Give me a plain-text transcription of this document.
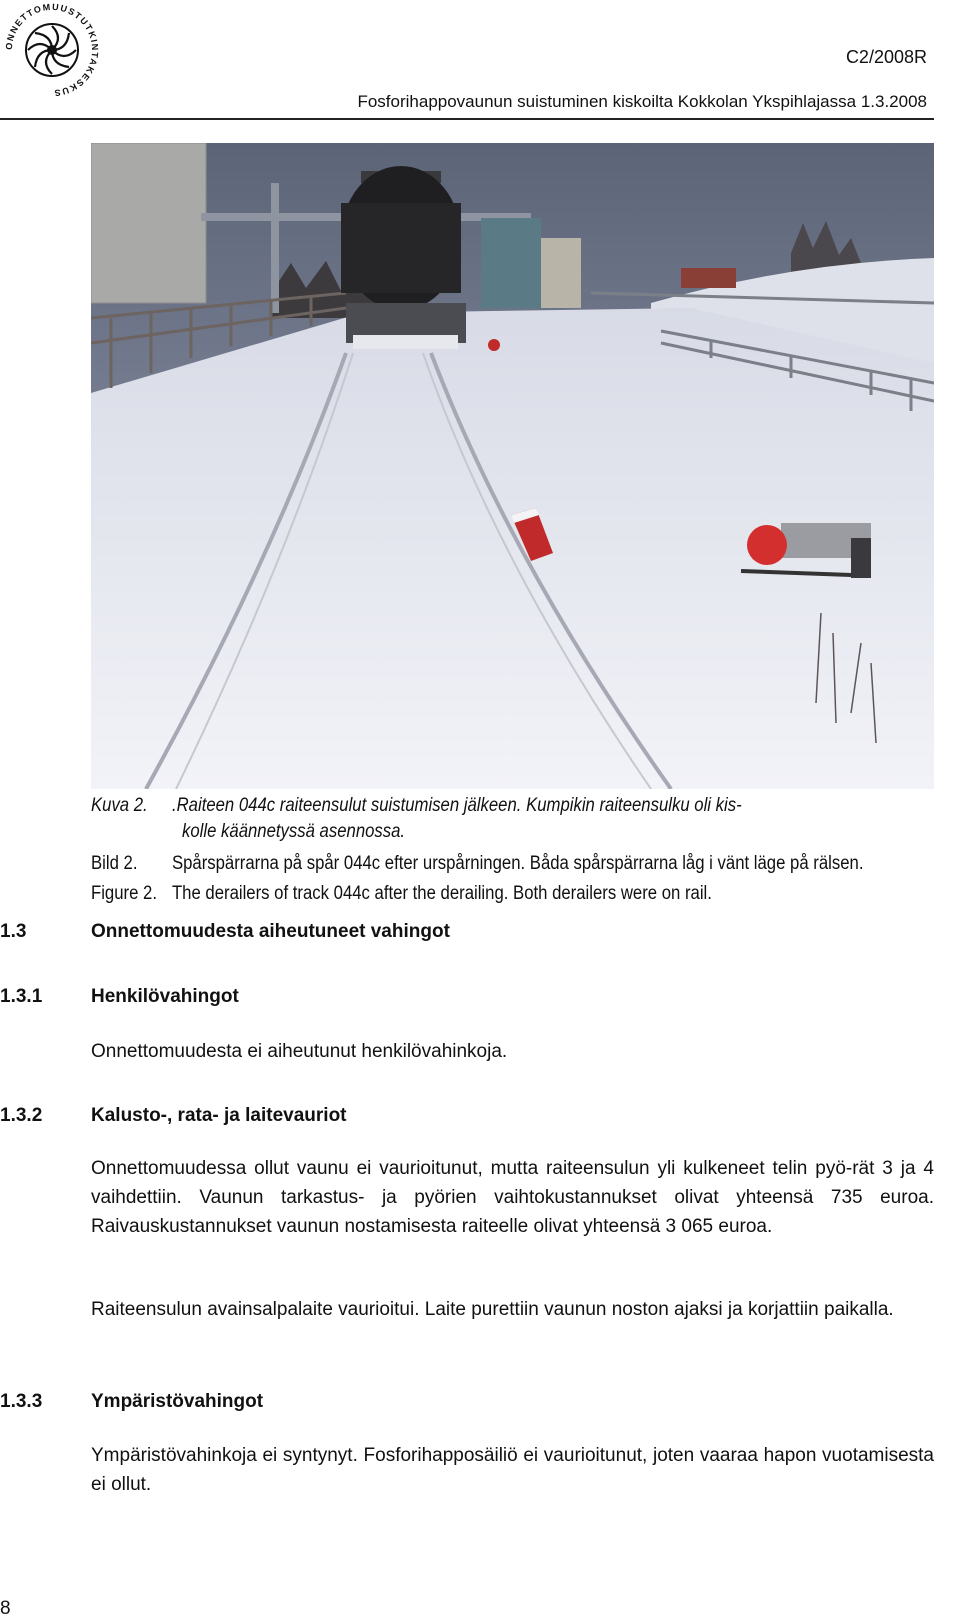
ONNETTOMUUSTUTKINTAKESKUS
C2/2008R
Fosforihappovaunun suistuminen kiskoilta Kokkolan Ykspihlajassa 1.3.2008
Kuva 2. .Raiteen 044c raiteensulut suistumisen jälkeen. Kumpikin raiteensulku oli kis-
kolle käännetyssä asennossa.
Bild 2. Spårspärrarna på spår 044c efter urspårningen. Båda spårspärrarna låg i vänt läge på rälsen.
Figure 2. The derailers of track 044c after the derailing. Both derailers were on rail.
1.3	Onnettomuudesta aiheutuneet vahingot
1.3.1	Henkilövahingot
Onnettomuudesta ei aiheutunut henkilövahinkoja.
1.3.2	Kalusto-, rata- ja laitevauriot
Onnettomuudessa ollut vaunu ei vaurioitunut, mutta raiteensulun yli kulkeneet telin pyö-rät 3 ja 4 vaihdettiin. Vaunun tarkastus- ja pyörien vaihtokustannukset olivat yhteensä 735 euroa. Raivauskustannukset vaunun nostamisesta raiteelle olivat yhteensä 3 065 euroa.
Raiteensulun avainsalpalaite vaurioitui. Laite purettiin vaunun noston ajaksi ja korjattiin paikalla.
1.3.3	Ympäristövahingot
Ympäristövahinkoja ei syntynyt. Fosforihapposäiliö ei vaurioitunut, joten vaaraa hapon vuotamisesta ei ollut.
8
